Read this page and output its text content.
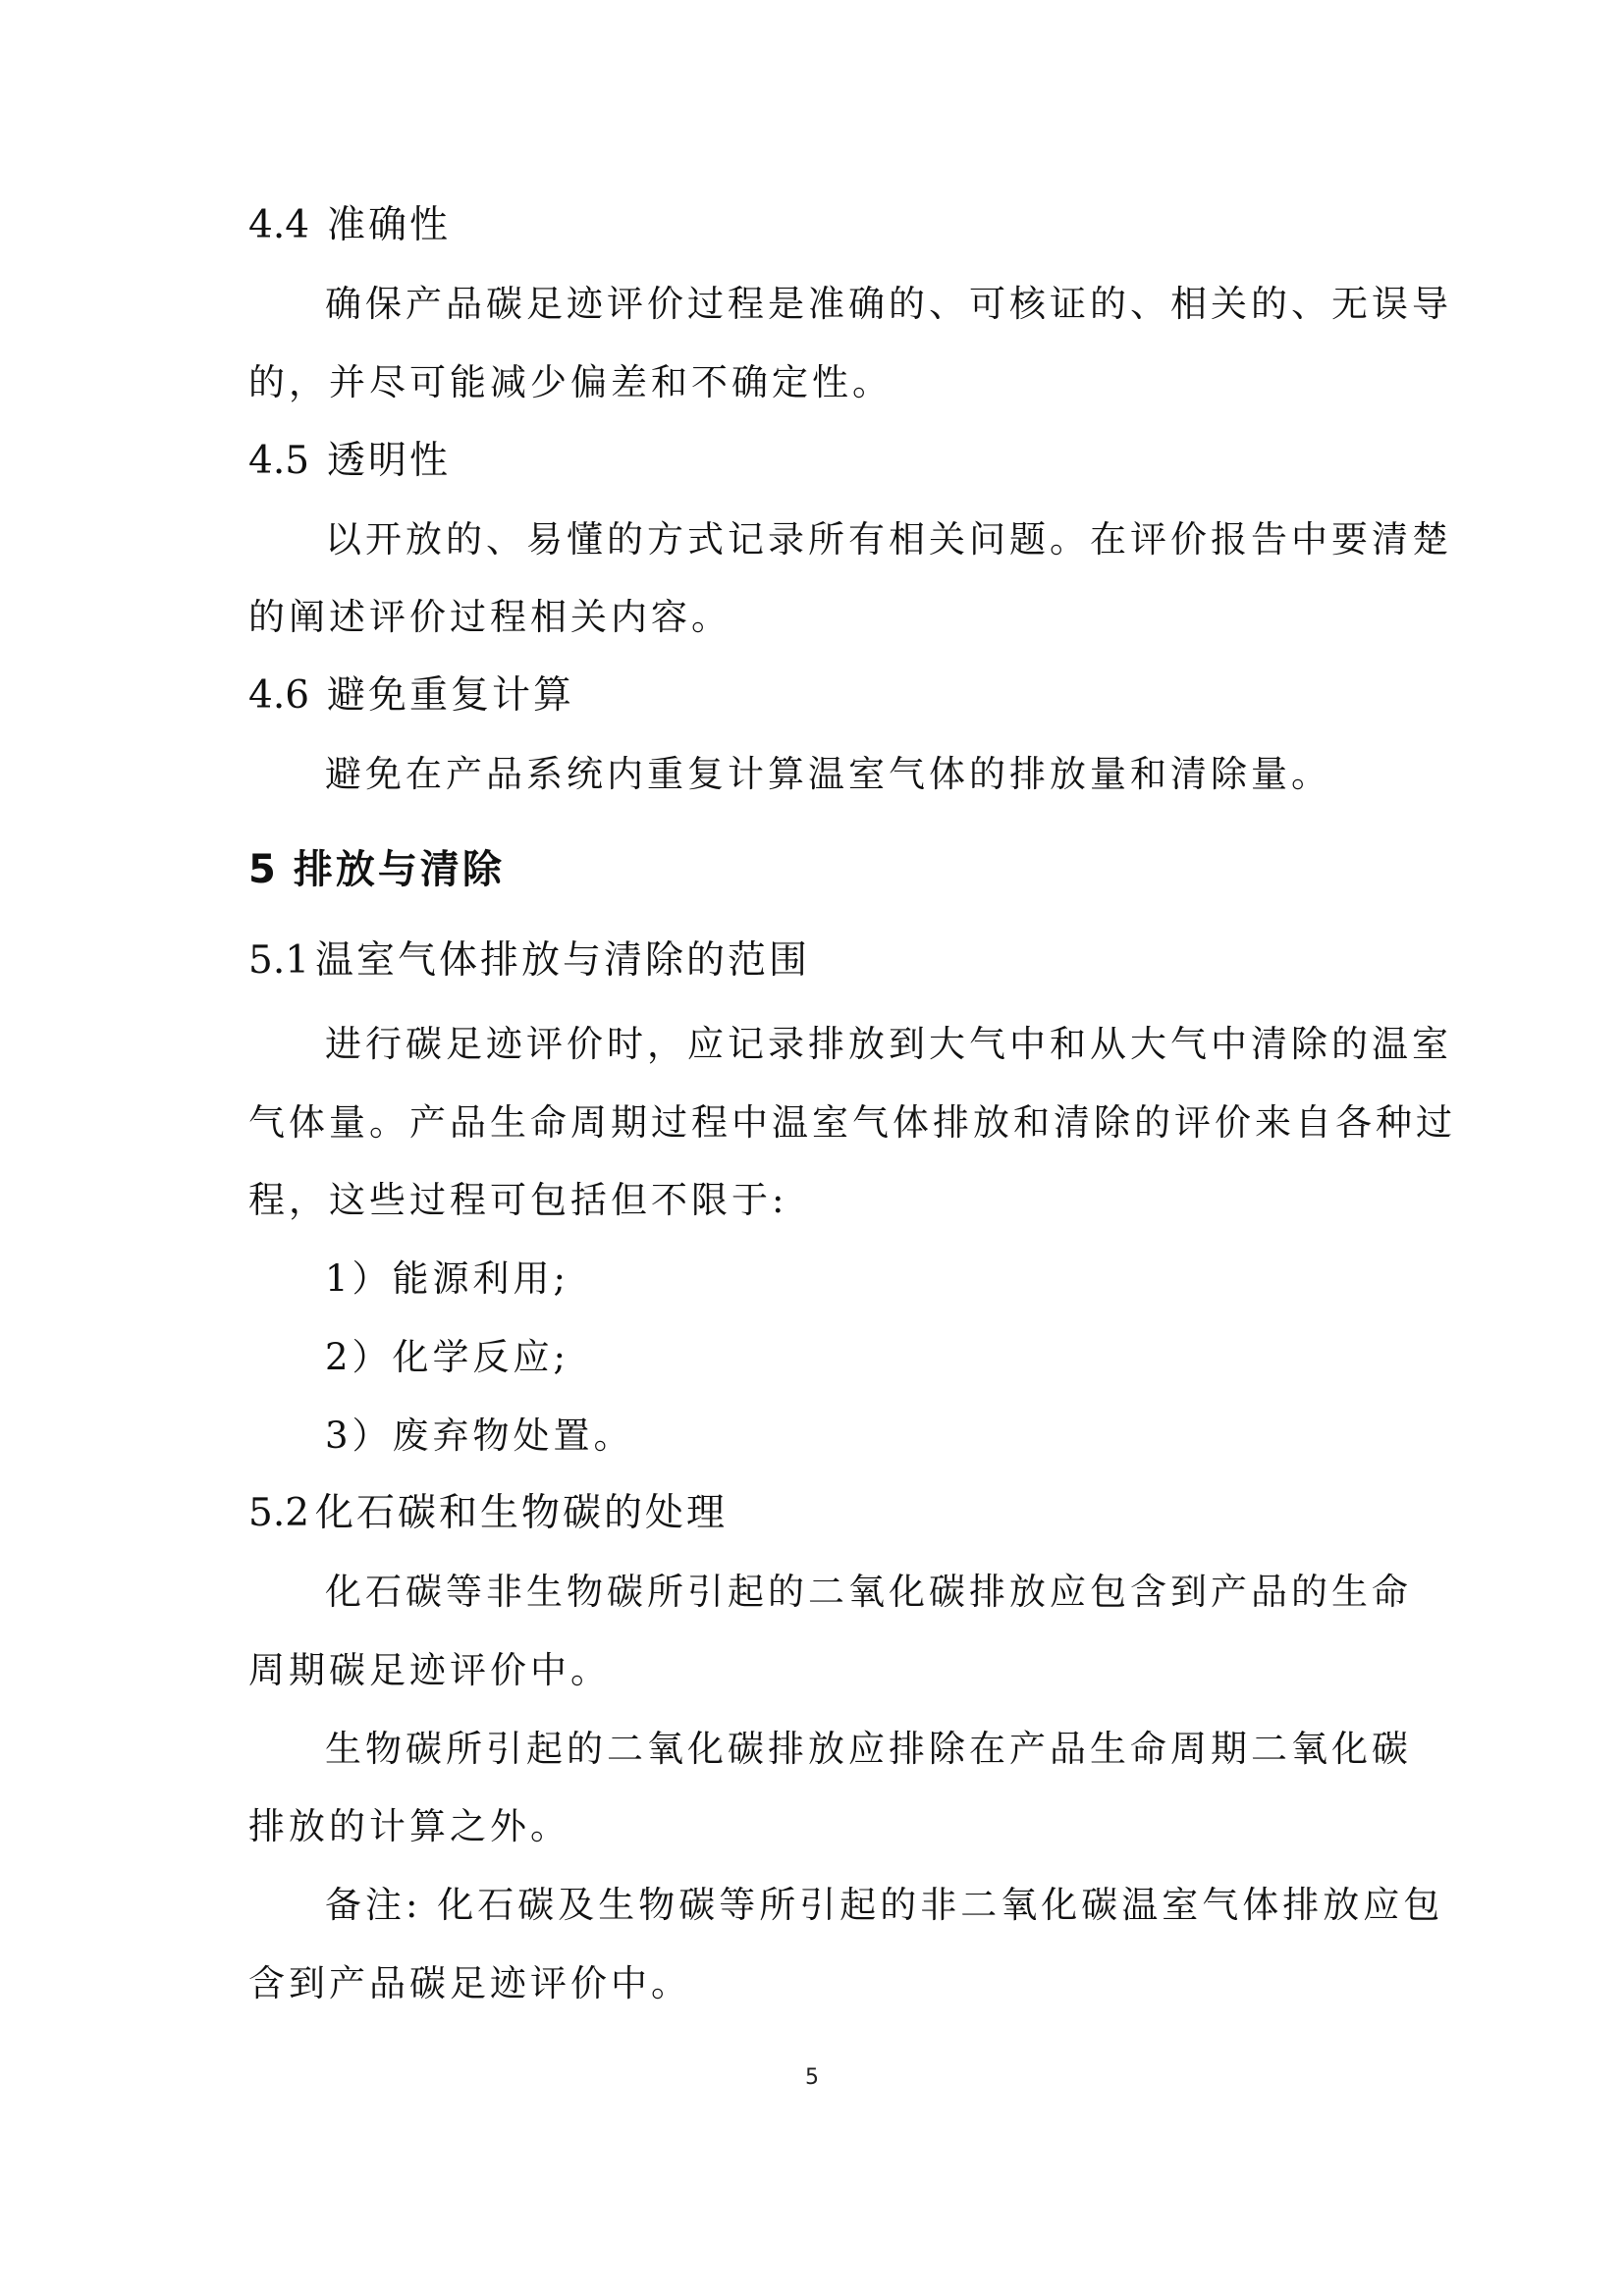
4.4 准确性
确保产品碳足迹评价过程是准确的、可核证的、相关的、无误导
的，并尽可能减少偏差和不确定性。
4.5 透明性
以开放的、易懂的方式记录所有相关问题。在评价报告中要清楚
的阐述评价过程相关内容。
4.6 避免重复计算
避免在产品系统内重复计算温室气体的排放量和清除量。
5 排放与清除
5.1 温室气体排放与清除的范围
进行碳足迹评价时，应记录排放到大气中和从大气中清除的温室
气体量。产品生命周期过程中温室气体排放和清除的评价来自各种过
程，这些过程可包括但不限于:
1）能源利用;
2）化学反应;
3）废弃物处置。
5.2 化石碳和生物碳的处理
化石碳等非生物碳所引起的二氧化碳排放应包含到产品的生命
周期碳足迹评价中。
生物碳所引起的二氧化碳排放应排除在产品生命周期二氧化碳
排放的计算之外。
备注: 化石碳及生物碳等所引起的非二氧化碳温室气体排放应包
含到产品碳足迹评价中。
5
